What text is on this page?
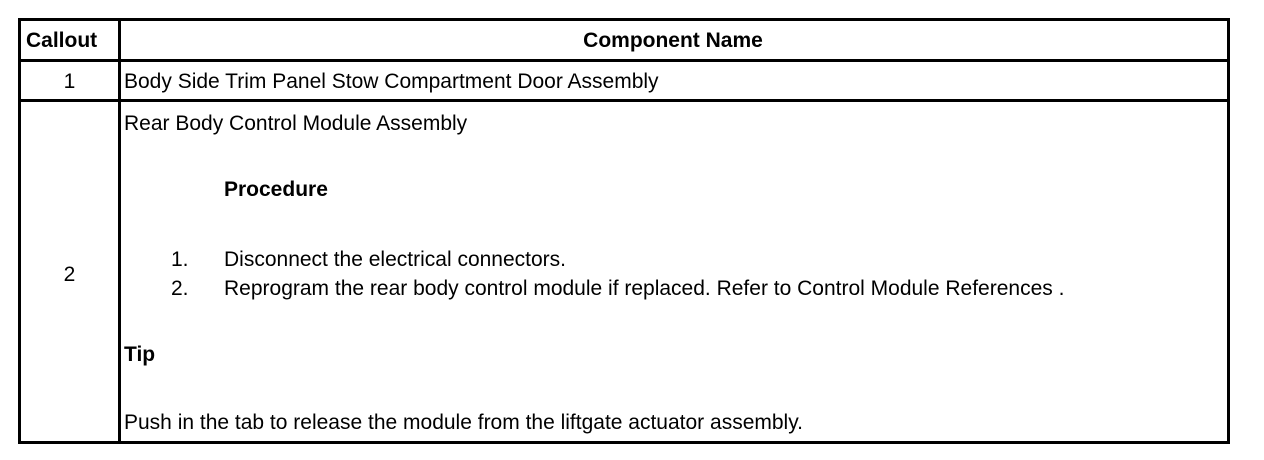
Callout	Component Name
1	Body Side Trim Panel Stow Compartment Door Assembly
2
Rear Body Control Module Assembly
Procedure
1. Disconnect the electrical connectors.
2. Reprogram the rear body control module if replaced. Refer to Control Module References .
Tip
Push in the tab to release the module from the liftgate actuator assembly.
